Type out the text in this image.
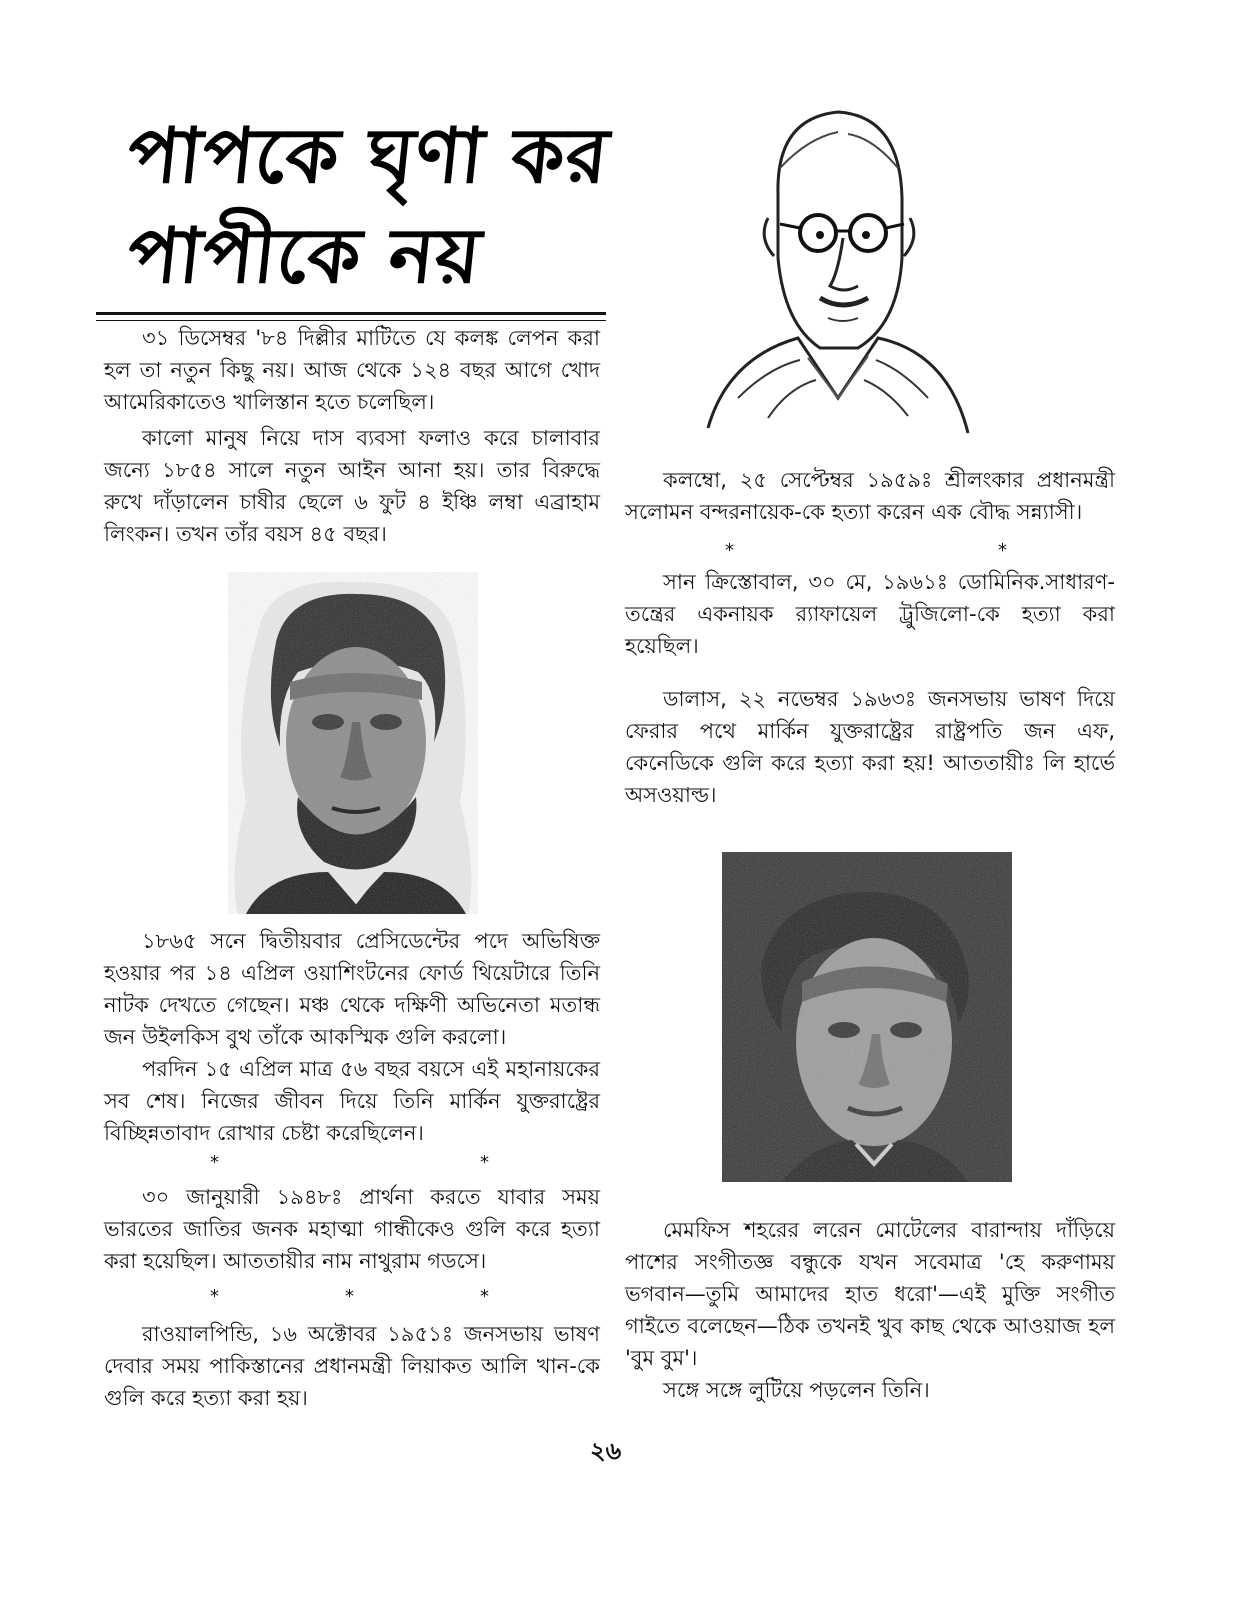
পাপকে ঘৃণা কর
পাপীকে নয়

৩১ ডিসেম্বর '৮৪ দিল্লীর মাটিতে যে কলঙ্ক লেপন করা হল তা নতুন কিছু নয়। আজ থেকে ১২৪ বছর আগে খোদ আমেরিকাতেও খালিস্তান হতে চলেছিল।

কালো মানুষ নিয়ে দাস ব্যবসা ফলাও করে চালাবার জন্যে ১৮৫৪ সালে নতুন আইন আনা হয়। তার বিরুদ্ধে রুখে দাঁড়ালেন চাষীর ছেলে ৬ ফুট ৪ ইঞ্চি লম্বা এব্রাহাম লিংকন। তখন তাঁর বয়স ৪৫ বছর।

১৮৬৫ সনে দ্বিতীয়বার প্রেসিডেন্টের পদে অভিষিক্ত হওয়ার পর ১৪ এপ্রিল ওয়াশিংটনের ফোর্ড থিয়েটারে তিনি নাটক দেখতে গেছেন। মঞ্চ থেকে দক্ষিণী অভিনেতা মতান্ধ জন উইলকিস বুথ তাঁকে আকস্মিক গুলি করলো।

পরদিন ১৫ এপ্রিল মাত্র ৫৬ বছর বয়সে এই মহানায়কের সব শেষ। নিজের জীবন দিয়ে তিনি মার্কিন যুক্তরাষ্ট্রের বিচ্ছিন্নতাবাদ রোখার চেষ্টা করেছিলেন।

*	*

৩০ জানুয়ারী ১৯৪৮ঃ প্রার্থনা করতে যাবার সময় ভারতের জাতির জনক মহাত্মা গান্ধীকেও গুলি করে হত্যা করা হয়েছিল। আততায়ীর নাম নাথুরাম গডসে।

*	*	*

রাওয়ালপিন্ডি, ১৬ অক্টোবর ১৯৫১ঃ জনসভায় ভাষণ দেবার সময় পাকিস্তানের প্রধানমন্ত্রী লিয়াকত আলি খান-কে গুলি করে হত্যা করা হয়।

কলম্বো, ২৫ সেপ্টেম্বর ১৯৫৯ঃ শ্রীলংকার প্রধানমন্ত্রী সলোমন বন্দরনায়েক-কে হত্যা করেন এক বৌদ্ধ সন্ন্যাসী।

*	*

সান ক্রিস্তোবাল, ৩০ মে, ১৯৬১ঃ ডোমিনিক.সাধারণ-তন্ত্রের একনায়ক র‍্যাফায়েল ট্রুজিলো-কে হত্যা করা হয়েছিল।

ডালাস, ২২ নভেম্বর ১৯৬৩ঃ জনসভায় ভাষণ দিয়ে ফেরার পথে মার্কিন যুক্তরাষ্ট্রের রাষ্ট্রপতি জন এফ, কেনেডিকে গুলি করে হত্যা করা হয়! আততায়ীঃ লি হার্ভে অসওয়াল্ড।

মেমফিস শহরের লরেন মোটেলের বারান্দায় দাঁড়িয়ে পাশের সংগীতজ্ঞ বন্ধুকে যখন সবেমাত্র 'হে করুণাময় ভগবান—তুমি আমাদের হাত ধরো'—এই মুক্তি সংগীত গাইতে বলেছেন—ঠিক তখনই খুব কাছ থেকে আওয়াজ হল 'বুম বুম'।

সঙ্গে সঙ্গে লুটিয়ে পড়লেন তিনি।

২৬
